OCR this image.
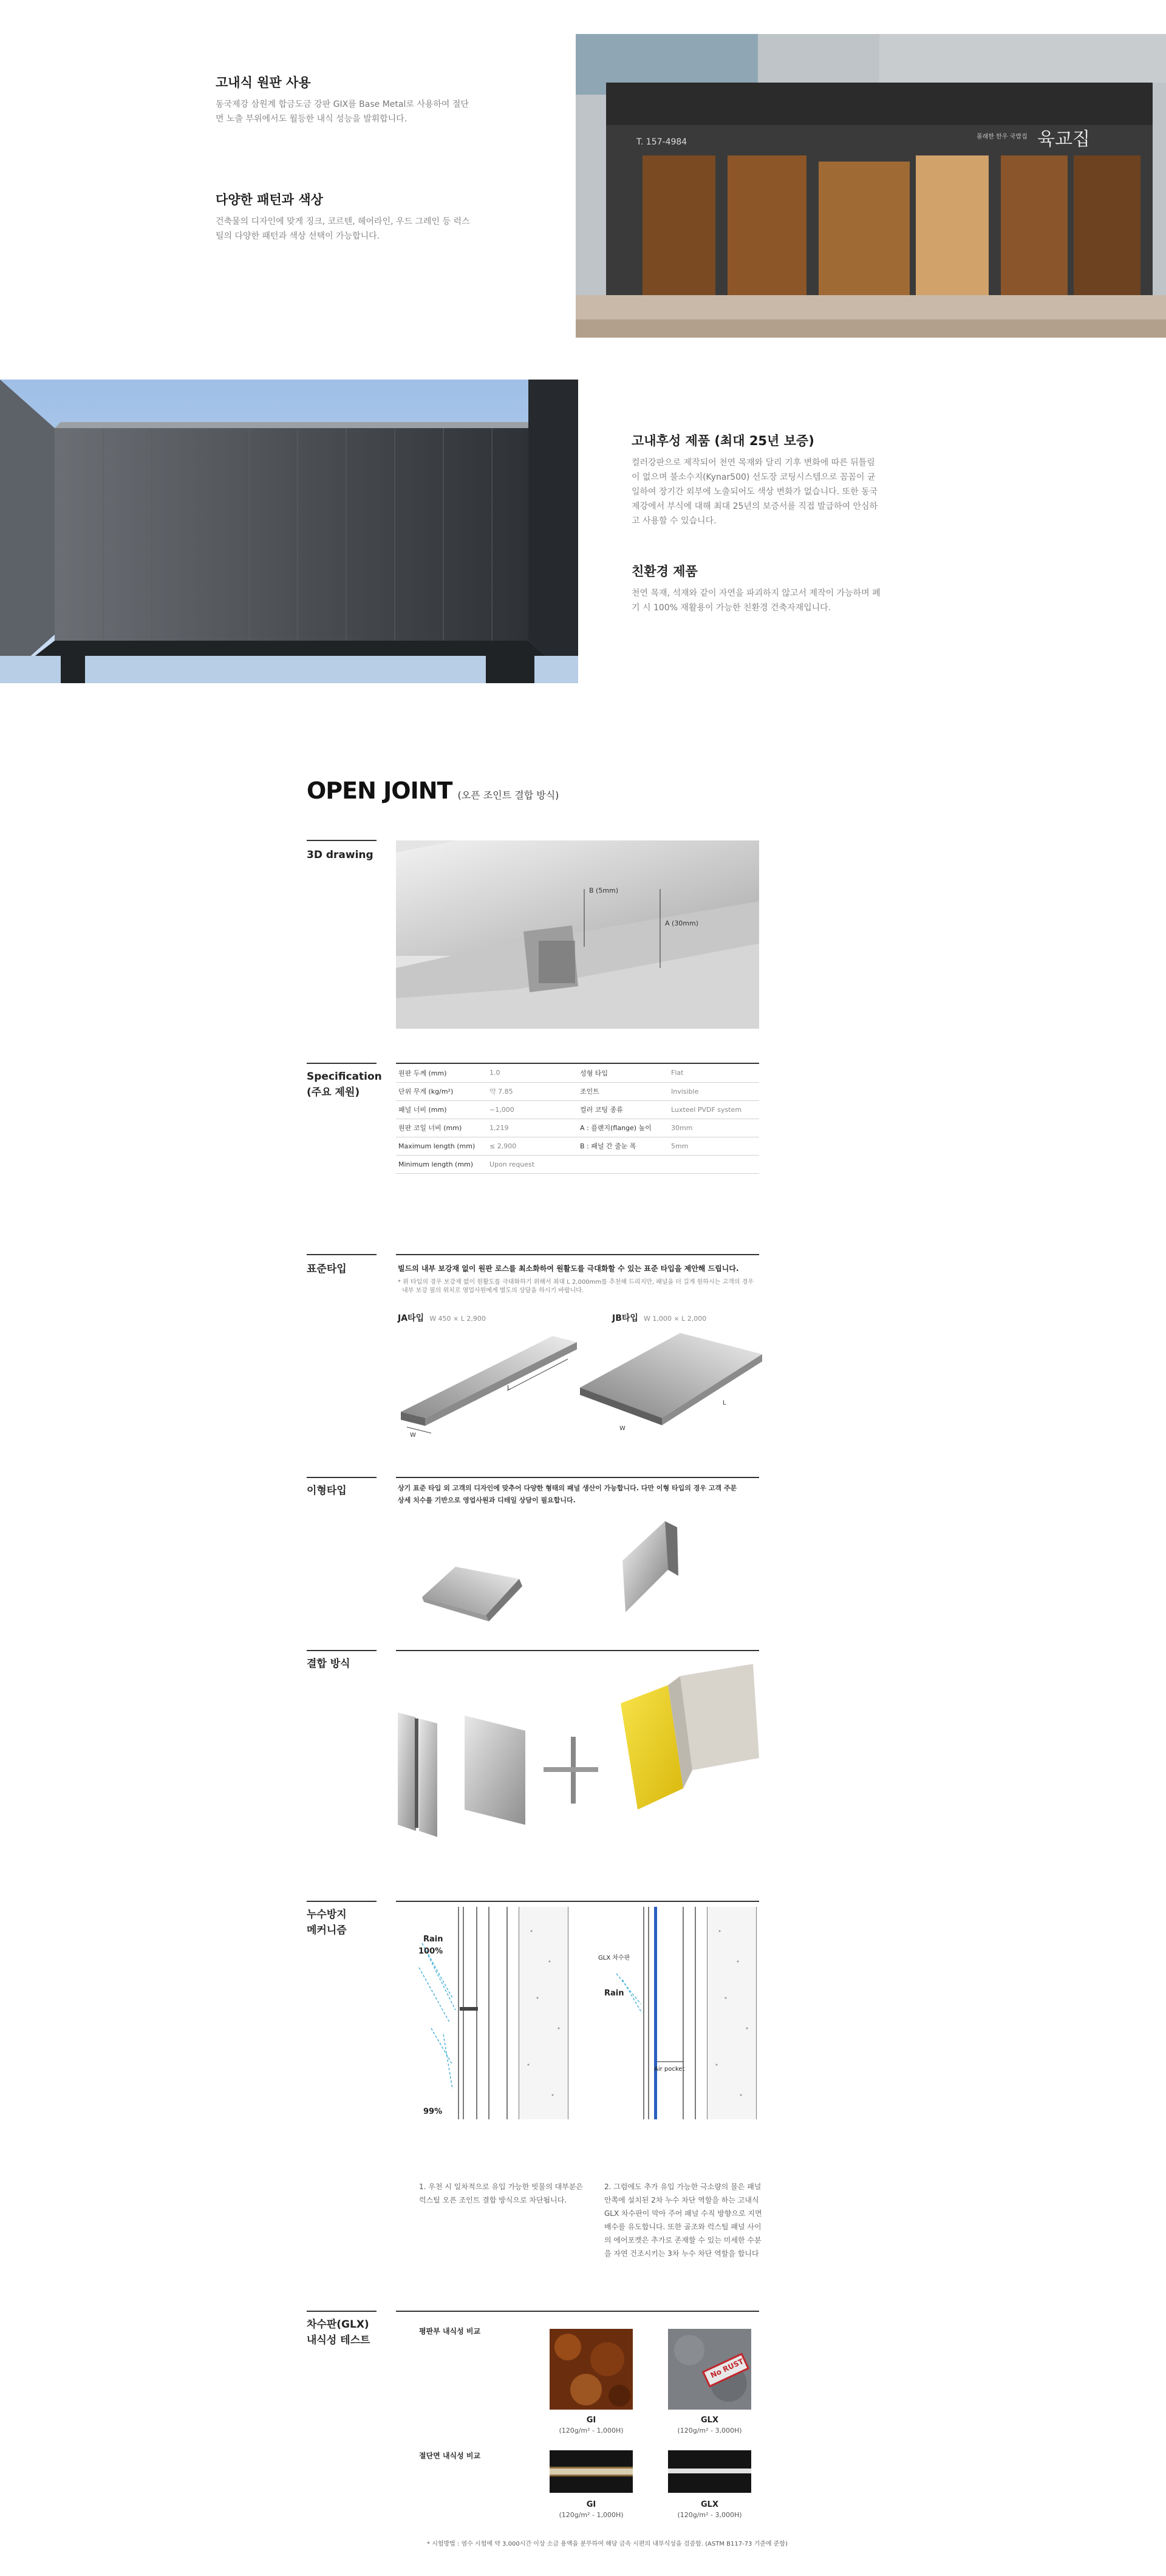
고내식 원판 사용
동국제강 삼원계 합금도금 강판 GIX를 Base Metal로 사용하여 절단면 노출 부위에서도 월등한 내식 성능을 발휘합니다.
다양한 패턴과 색상
건축물의 디자인에 맞게 징크, 코르텐, 헤어라인, 우드 그레인 등 럭스틸의 다양한 패턴과 색상 선택이 가능합니다.
T. 157-4984
몰래한 한우 국밥집 육교집
고내후성 제품 (최대 25년 보증)
컬러강판으로 제작되어 천연 목재와 달리 기후 변화에 따른 뒤틀림이 없으며 불소수지(Kynar500) 선도장 코팅시스템으로 꼼꼼이 균일하여 장기간 외부에 노출되어도 색상 변화가 없습니다. 또한 동국제강에서 부식에 대해 최대 25년의 보증서를 직접 발급하여 안심하고 사용할 수 있습니다.
친환경 제품
천연 목재, 석재와 같이 자연을 파괴하지 않고서 제작이 가능하며 폐기 시 100% 재활용이 가능한 친환경 건축자재입니다.
OPEN JOINT (오픈 조인트 결합 방식)
3D drawing
B (5mm)
A (30mm)
Specification
(주요 제원)
원판 두께 (mm)	1.0	성형 타입	Flat
단위 무게 (kg/m²)	약 7.85	조인트	Invisible
패널 너비 (mm)	~1,000	컬러 코팅 종류	Luxteel PVDF system
원판 코일 너비 (mm)	1,219	A : 플랜지(flange) 높이	30mm
Maximum length (mm)	≤ 2,900	B : 패널 간 줄눈 폭	5mm
Minimum length (mm)	Upon request		
표준타입	빌드의 내부 보강재 없이 원판 로스를 최소화하여 원활도를 극대화할 수 있는 표준 타입을 제안해 드립니다.
* 위 타입의 경우 보강재 없이 원활도를 극대화하기 위해서 최대 L 2,000mm를 추천해 드리지만, 패널을 더 길게 원하시는 고객의 경우
내부 보강 필의 위치로 영업사원에게 별도의 상담을 하시기 바랍니다.
JA타입 W 450 × L 2,900	JB타입 W 1,000 × L 2,000
W
L
W
L
이형타입	상기 표준 타입 외 고객의 디자인에 맞추어 다양한 형태의 패널 생산이 가능합니다. 다만 이형 타입의 경우 고객 주문
상세 치수를 기반으로 영업사원과 디테일 상담이 필요합니다.
결합 방식
누수방지
메커니즘
Rain
100%
99%
GLX 차수판
Rain
Air pocket
1. 우천 시 일차적으로 유입 가능한 빗물의 대부분은 럭스틸 오픈 조인트 결합 방식으로 차단됩니다.
2. 그럼에도 추가 유입 가능한 극소량의 물은 패널 안쪽에 설치된 2차 누수 차단 역할을 하는 고내식 GLX 차수판이 막아 주어 패널 수직 방향으로 지면 배수를 유도합니다. 또한 골조와 럭스틸 패널 사이의 에어포켓은 추가로 존재할 수 있는 미세한 수분을 자연 건조시키는 3차 누수 차단 역할을 합니다
차수판(GLX)
내식성 테스트
평판부 내식성 비교
GI
(120g/m² - 1,000H)
No RUST
GLX
(120g/m² - 3,000H)
절단면 내식성 비교
GI
(120g/m² - 1,000H)
GLX
(120g/m² - 3,000H)
* 시험방법 : 염수 시험에 약 3,000시간 이상 소금 용액을 분무하여 해당 금속 시편의 내부식성을 검증함. (ASTM B117-73 기준에 준함)
